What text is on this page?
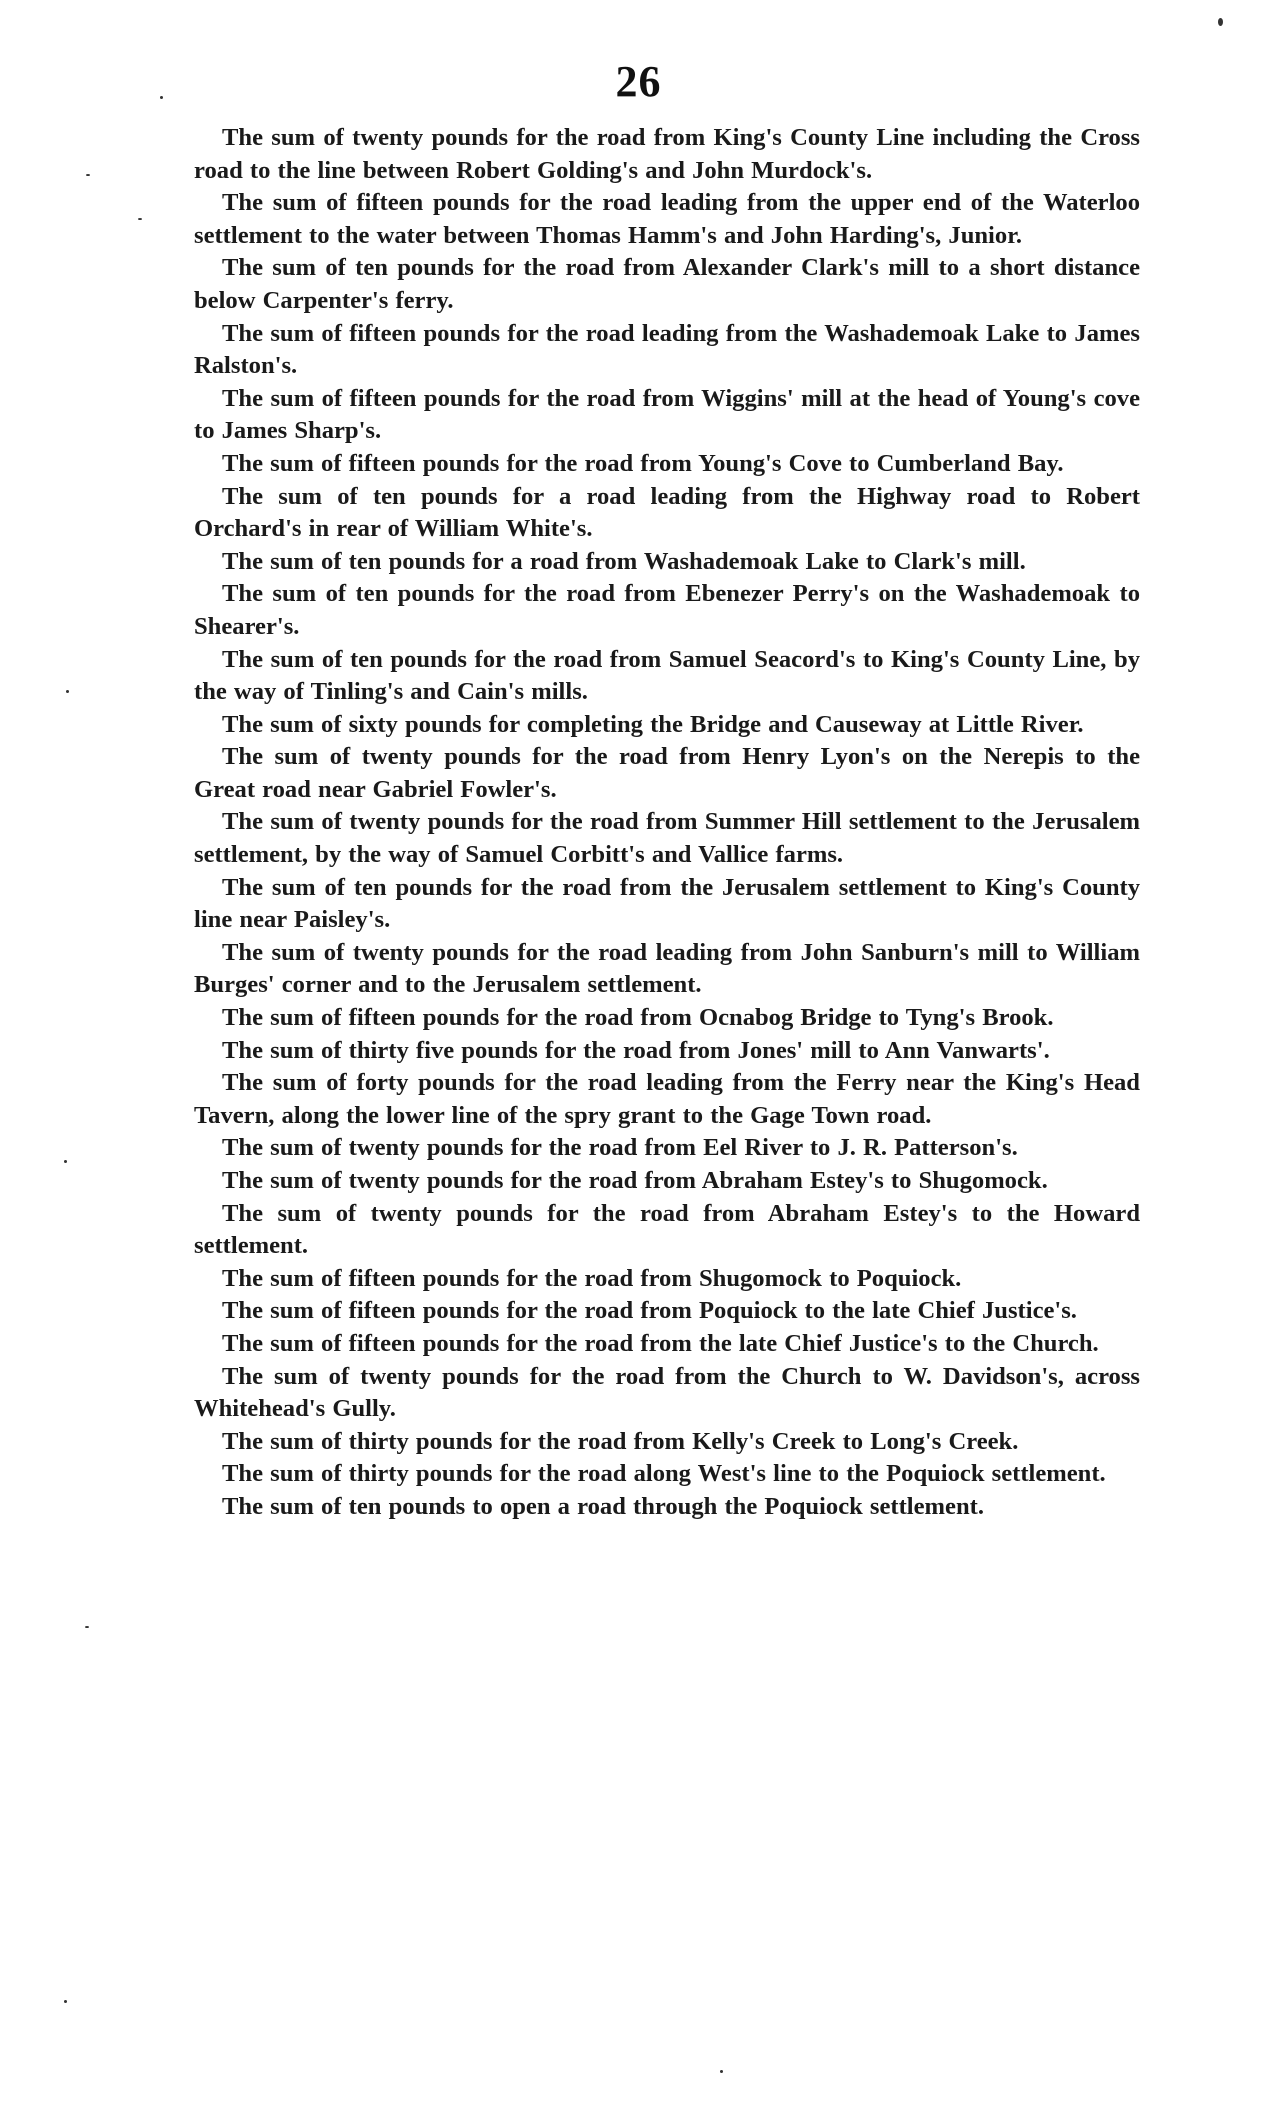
26

The sum of twenty pounds for the road from King's County Line including the Cross road to the line between Robert Golding's and John Murdock's.

The sum of fifteen pounds for the road leading from the upper end of the Waterloo settlement to the water between Thomas Hamm's and John Harding's, Junior.

The sum of ten pounds for the road from Alexander Clark's mill to a short distance below Carpenter's ferry.

The sum of fifteen pounds for the road leading from the Washademoak Lake to James Ralston's.

The sum of fifteen pounds for the road from Wiggins' mill at the head of Young's cove to James Sharp's.

The sum of fifteen pounds for the road from Young's Cove to Cumberland Bay.

The sum of ten pounds for a road leading from the Highway road to Robert Orchard's in rear of William White's.

The sum of ten pounds for a road from Washademoak Lake to Clark's mill.

The sum of ten pounds for the road from Ebenezer Perry's on the Washademoak to Shearer's.

The sum of ten pounds for the road from Samuel Seacord's to King's County Line, by the way of Tinling's and Cain's mills.

The sum of sixty pounds for completing the Bridge and Causeway at Little River.

The sum of twenty pounds for the road from Henry Lyon's on the Nerepis to the Great road near Gabriel Fowler's.

The sum of twenty pounds for the road from Summer Hill settlement to the Jerusalem settlement, by the way of Samuel Corbitt's and Vallice farms.

The sum of ten pounds for the road from the Jerusalem settlement to King's County line near Paisley's.

The sum of twenty pounds for the road leading from John Sanburn's mill to William Burges' corner and to the Jerusalem settlement.

The sum of fifteen pounds for the road from Ocnabog Bridge to Tyng's Brook.

The sum of thirty five pounds for the road from Jones' mill to Ann Vanwarts'.

The sum of forty pounds for the road leading from the Ferry near the King's Head Tavern, along the lower line of the spry grant to the Gage Town road.

The sum of twenty pounds for the road from Eel River to J. R. Patterson's.

The sum of twenty pounds for the road from Abraham Estey's to Shugomock.

The sum of twenty pounds for the road from Abraham Estey's to the Howard settlement.

The sum of fifteen pounds for the road from Shugomock to Poquiock.

The sum of fifteen pounds for the road from Poquiock to the late Chief Justice's.

The sum of fifteen pounds for the road from the late Chief Justice's to the Church.

The sum of twenty pounds for the road from the Church to W. Davidson's, across Whitehead's Gully.

The sum of thirty pounds for the road from Kelly's Creek to Long's Creek.

The sum of thirty pounds for the road along West's line to the Poquiock settlement.

The sum of ten pounds to open a road through the Poquiock settlement.
